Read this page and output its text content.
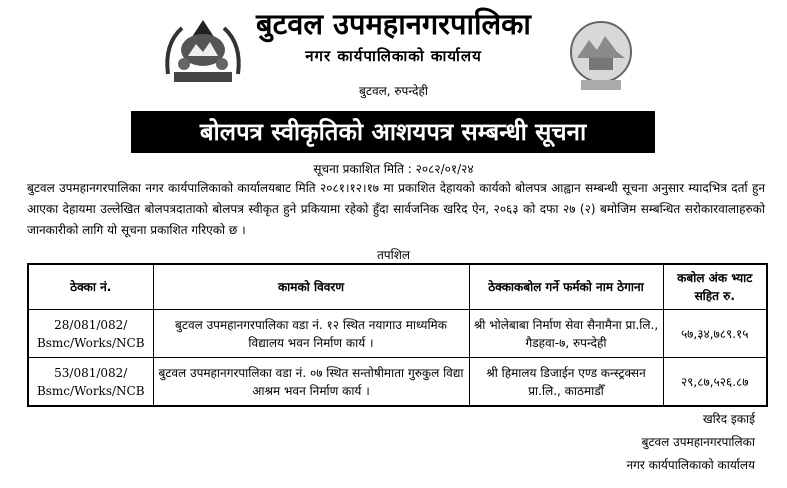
बुटवल उपमहानगरपालिका
नगर कार्यपालिकाको कार्यालय
बुटवल, रुपन्देही
बोलपत्र स्वीकृतिको आशयपत्र सम्बन्धी सूचना
सूचना प्रकाशित मिति : २०८२/०१/२४
बुटवल उपमहानगरपालिका नगर कार्यपालिकाको कार्यालयबाट मिति २०८१।१२।१७ मा प्रकाशित देहायको कार्यको बोलपत्र आह्वान सम्बन्धी सूचना अनुसार म्यादभित्र दर्ता हुन आएका देहायमा उल्लेखित बोलपत्रदाताको बोलपत्र स्वीकृत हुने प्रकियामा रहेको हुँदा सार्वजनिक खरिद ऐन, २०६३ को दफा २७ (२) बमोजिम सम्बन्धित सरोकारवालाहरुको जानकारीको लागि यो सूचना प्रकाशित गरिएको छ ।
तपशिल
ठेक्का नं.	कामको विवरण	ठेक्काकबोल गर्ने फर्मको नाम ठेगाना	कबोल अंक भ्याट सहित रु.
28/081/082/ Bsmc/Works/NCB	बुटवल उपमहानगरपालिका वडा नं. १२ स्थित नयागाउ माध्यमिक विद्यालय भवन निर्माण कार्य ।	श्री भोलेबाबा निर्माण सेवा सैनामैना प्रा.लि., गैडहवा-७, रुपन्देही	५७,३४,७८९.१५
53/081/082/ Bsmc/Works/NCB	बुटवल उपमहानगरपालिका वडा नं. ०७ स्थित सन्तोषीमाता गुरुकुल विद्या आश्रम भवन निर्माण कार्य ।	श्री हिमालय डिजाईन एण्ड कन्स्ट्रक्सन प्रा.लि., काठमाडौँ	२९,८७,५२६.८७
खरिद इकाई
बुटवल उपमहानगरपालिका
नगर कार्यपालिकाको कार्यालय
